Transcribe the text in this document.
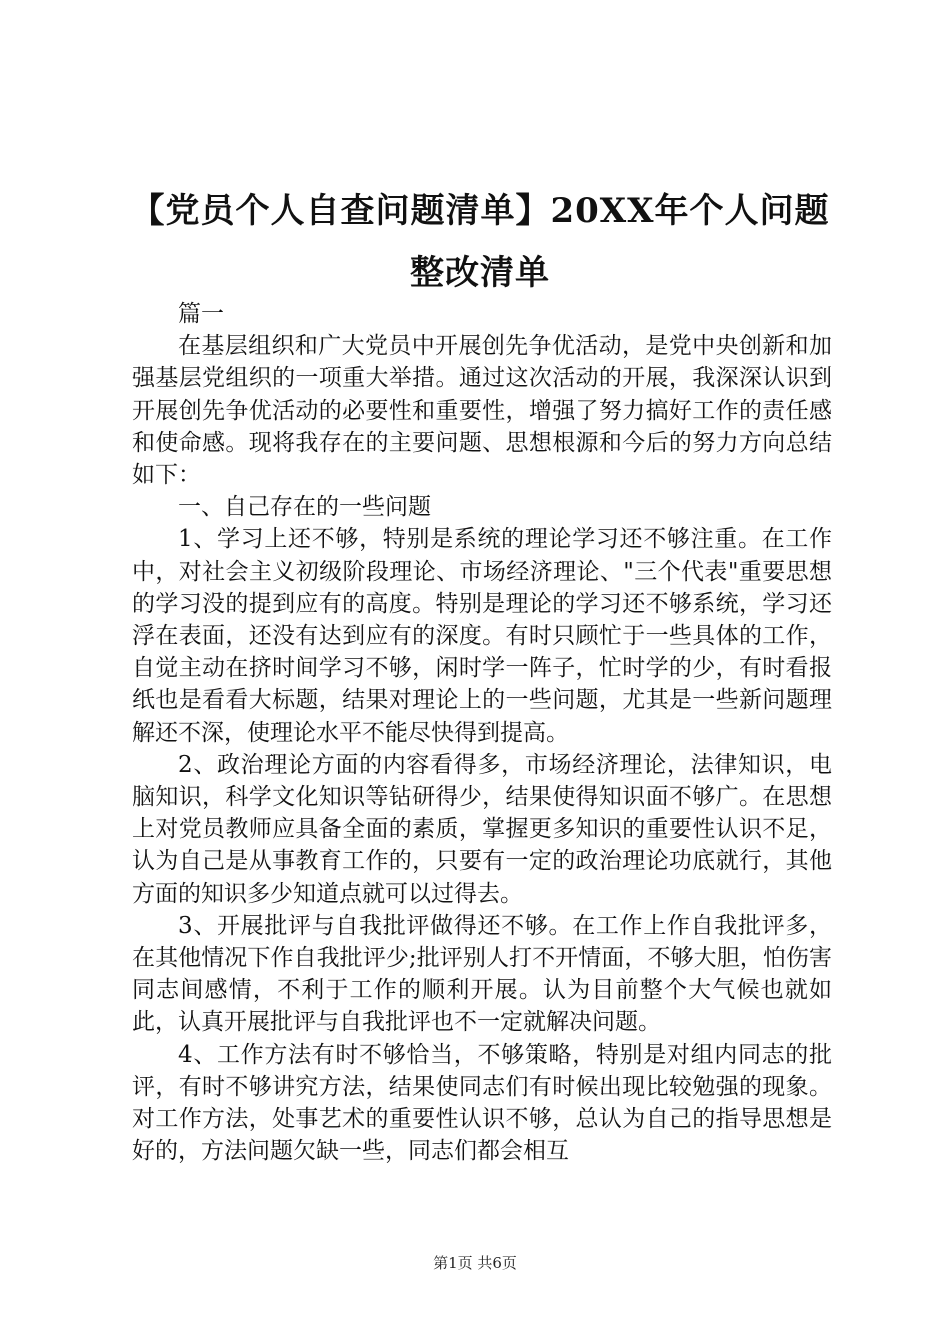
【党员个人自查问题清单】20XX年个人问题
整改清单

篇一

在基层组织和广大党员中开展创先争优活动，是党中央创新和加强基层党组织的一项重大举措。通过这次活动的开展，我深深认识到开展创先争优活动的必要性和重要性，增强了努力搞好工作的责任感和使命感。现将我存在的主要问题、思想根源和今后的努力方向总结如下：

一、自己存在的一些问题

1、学习上还不够，特别是系统的理论学习还不够注重。在工作中，对社会主义初级阶段理论、市场经济理论、"三个代表"重要思想的学习没的提到应有的高度。特别是理论的学习还不够系统，学习还浮在表面，还没有达到应有的深度。有时只顾忙于一些具体的工作，自觉主动在挤时间学习不够，闲时学一阵子，忙时学的少，有时看报纸也是看看大标题，结果对理论上的一些问题，尤其是一些新问题理解还不深，使理论水平不能尽快得到提高。

2、政治理论方面的内容看得多，市场经济理论，法律知识，电脑知识，科学文化知识等钻研得少，结果使得知识面不够广。在思想上对党员教师应具备全面的素质，掌握更多知识的重要性认识不足，认为自己是从事教育工作的，只要有一定的政治理论功底就行，其他方面的知识多少知道点就可以过得去。

3、开展批评与自我批评做得还不够。在工作上作自我批评多，在其他情况下作自我批评少;批评别人打不开情面，不够大胆，怕伤害同志间感情，不利于工作的顺利开展。认为目前整个大气候也就如此，认真开展批评与自我批评也不一定就解决问题。

4、工作方法有时不够恰当，不够策略，特别是对组内同志的批评，有时不够讲究方法，结果使同志们有时候出现比较勉强的现象。对工作方法，处事艺术的重要性认识不够，总认为自己的指导思想是好的，方法问题欠缺一些，同志们都会相互

第1页 共6页
